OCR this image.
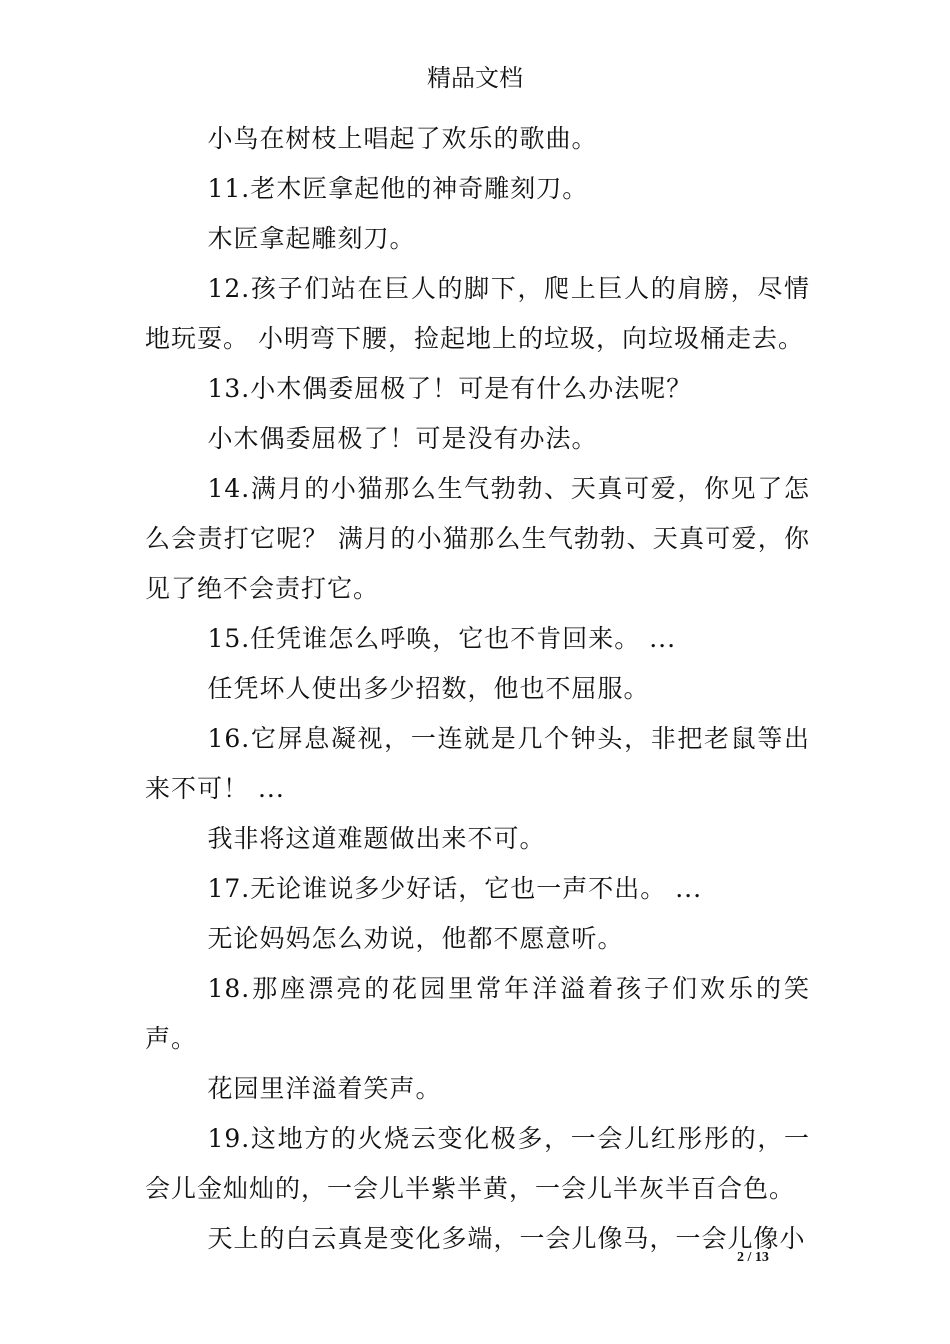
精品文档

小鸟在树枝上唱起了欢乐的歌曲。

11.老木匠拿起他的神奇雕刻刀。

木匠拿起雕刻刀。

12.孩子们站在巨人的脚下，爬上巨人的肩膀，尽情地玩耍。 小明弯下腰，捡起地上的垃圾，向垃圾桶走去。

13.小木偶委屈极了！可是有什么办法呢？

小木偶委屈极了！可是没有办法。

14.满月的小猫那么生气勃勃、天真可爱，你见了怎么会责打它呢？ 满月的小猫那么生气勃勃、天真可爱，你见了绝不会责打它。

15.任凭谁怎么呼唤，它也不肯回来。 ...

任凭坏人使出多少招数，他也不屈服。

16.它屏息凝视，一连就是几个钟头，非把老鼠等出来不可！ ...

我非将这道难题做出来不可。

17.无论谁说多少好话，它也一声不出。 ...

无论妈妈怎么劝说，他都不愿意听。

18.那座漂亮的花园里常年洋溢着孩子们欢乐的笑声。

花园里洋溢着笑声。

19.这地方的火烧云变化极多，一会儿红彤彤的，一会儿金灿灿的，一会儿半紫半黄，一会儿半灰半百合色。

天上的白云真是变化多端，一会儿像马，一会儿像小

2 / 13
